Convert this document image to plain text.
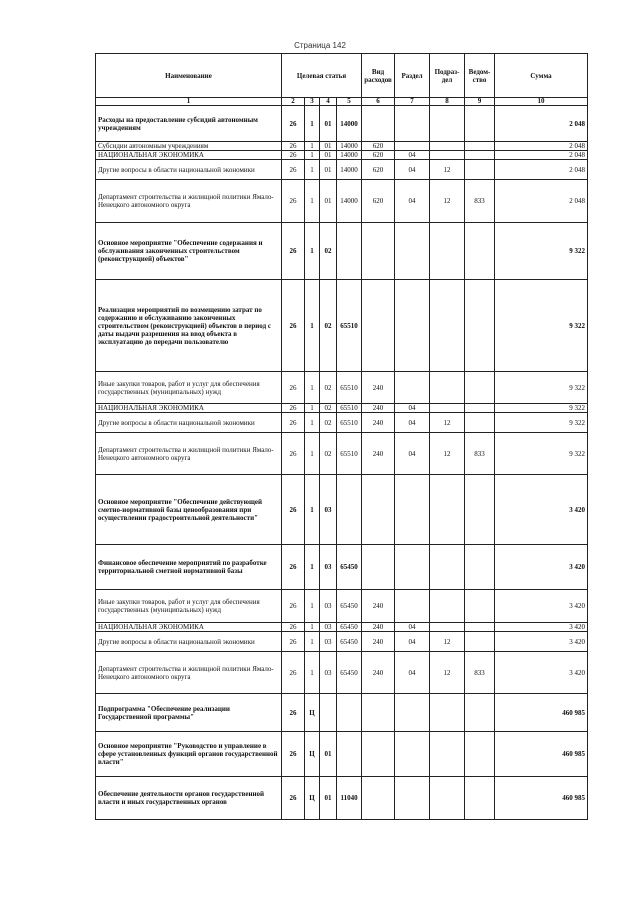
Страница 142
Наименование	Целевая статья				Вид расходов	Раздел	Подраз-дел	Ведом-ство	Сумма
1	2	3	4	5	6	7	8	9	10
Расходы на предоставление субсидий автономным учреждениям	26	1	01	14000					2 048
Субсидии автономным учреждениям	26	1	01	14000	620				2 048
НАЦИОНАЛЬНАЯ ЭКОНОМИКА	26	1	01	14000	620	04			2 048
Другие вопросы в области национальной экономики	26	1	01	14000	620	04	12		2 048
Департамент строительства и жилищной политики Ямало-Ненецкого автономного округа	26	1	01	14000	620	04	12	833	2 048
Основное мероприятие "Обеспечение содержания и обслуживания законченных строительством (реконструкцией) объектов"	26	1	02						9 322
Реализация мероприятий по возмещению затрат по содержанию и обслуживанию законченных строительством (реконструкцией) объектов в период с даты выдачи разрешения на ввод объекта в эксплуатацию до передачи пользователю	26	1	02	65510					9 322
Иные закупки товаров, работ и услуг для обеспечения государственных (муниципальных) нужд	26	1	02	65510	240				9 322
НАЦИОНАЛЬНАЯ ЭКОНОМИКА	26	1	02	65510	240	04			9 322
Другие вопросы в области национальной экономики	26	1	02	65510	240	04	12		9 322
Департамент строительства и жилищной политики Ямало-Ненецкого автономного округа	26	1	02	65510	240	04	12	833	9 322
Основное мероприятие "Обеспечение действующей сметно-нормативной базы ценообразования при осуществлении градостроительной деятельности"	26	1	03						3 420
Финансовое обеспечение мероприятий по разработке территориальной сметной нормативной базы	26	1	03	65450					3 420
Иные закупки товаров, работ и услуг для обеспечения государственных (муниципальных) нужд	26	1	03	65450	240				3 420
НАЦИОНАЛЬНАЯ ЭКОНОМИКА	26	1	03	65450	240	04			3 420
Другие вопросы в области национальной экономики	26	1	03	65450	240	04	12		3 420
Департамент строительства и жилищной политики Ямало-Ненецкого автономного округа	26	1	03	65450	240	04	12	833	3 420
Подпрограмма "Обеспечение реализации Государственной программы"	26	Ц							460 985
Основное мероприятие "Руководство и управление в сфере установленных функций органов государственной власти"	26	Ц	01						460 985
Обеспечение деятельности органов государственной власти и иных государственных органов	26	Ц	01	11040					460 985
